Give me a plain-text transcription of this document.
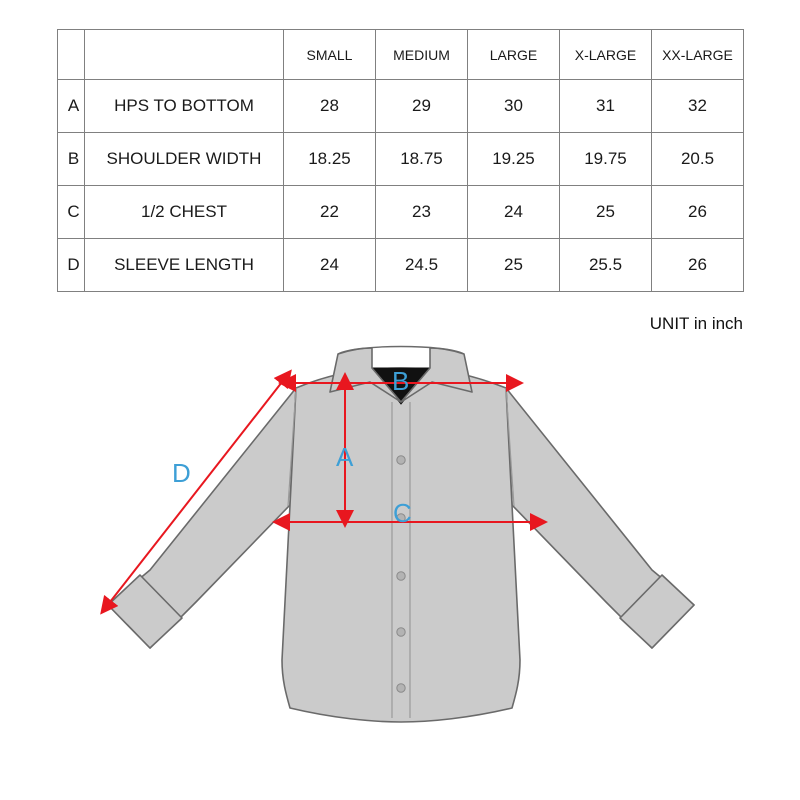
		SMALL	MEDIUM	LARGE	X-LARGE	XX-LARGE
A	HPS TO BOTTOM	28	29	30	31	32
B	SHOULDER WIDTH	18.25	18.75	19.25	19.75	20.5
C	1/2 CHEST	22	23	24	25	26
D	SLEEVE LENGTH	24	24.5	25	25.5	26
UNIT in inch
A
B
C
D
